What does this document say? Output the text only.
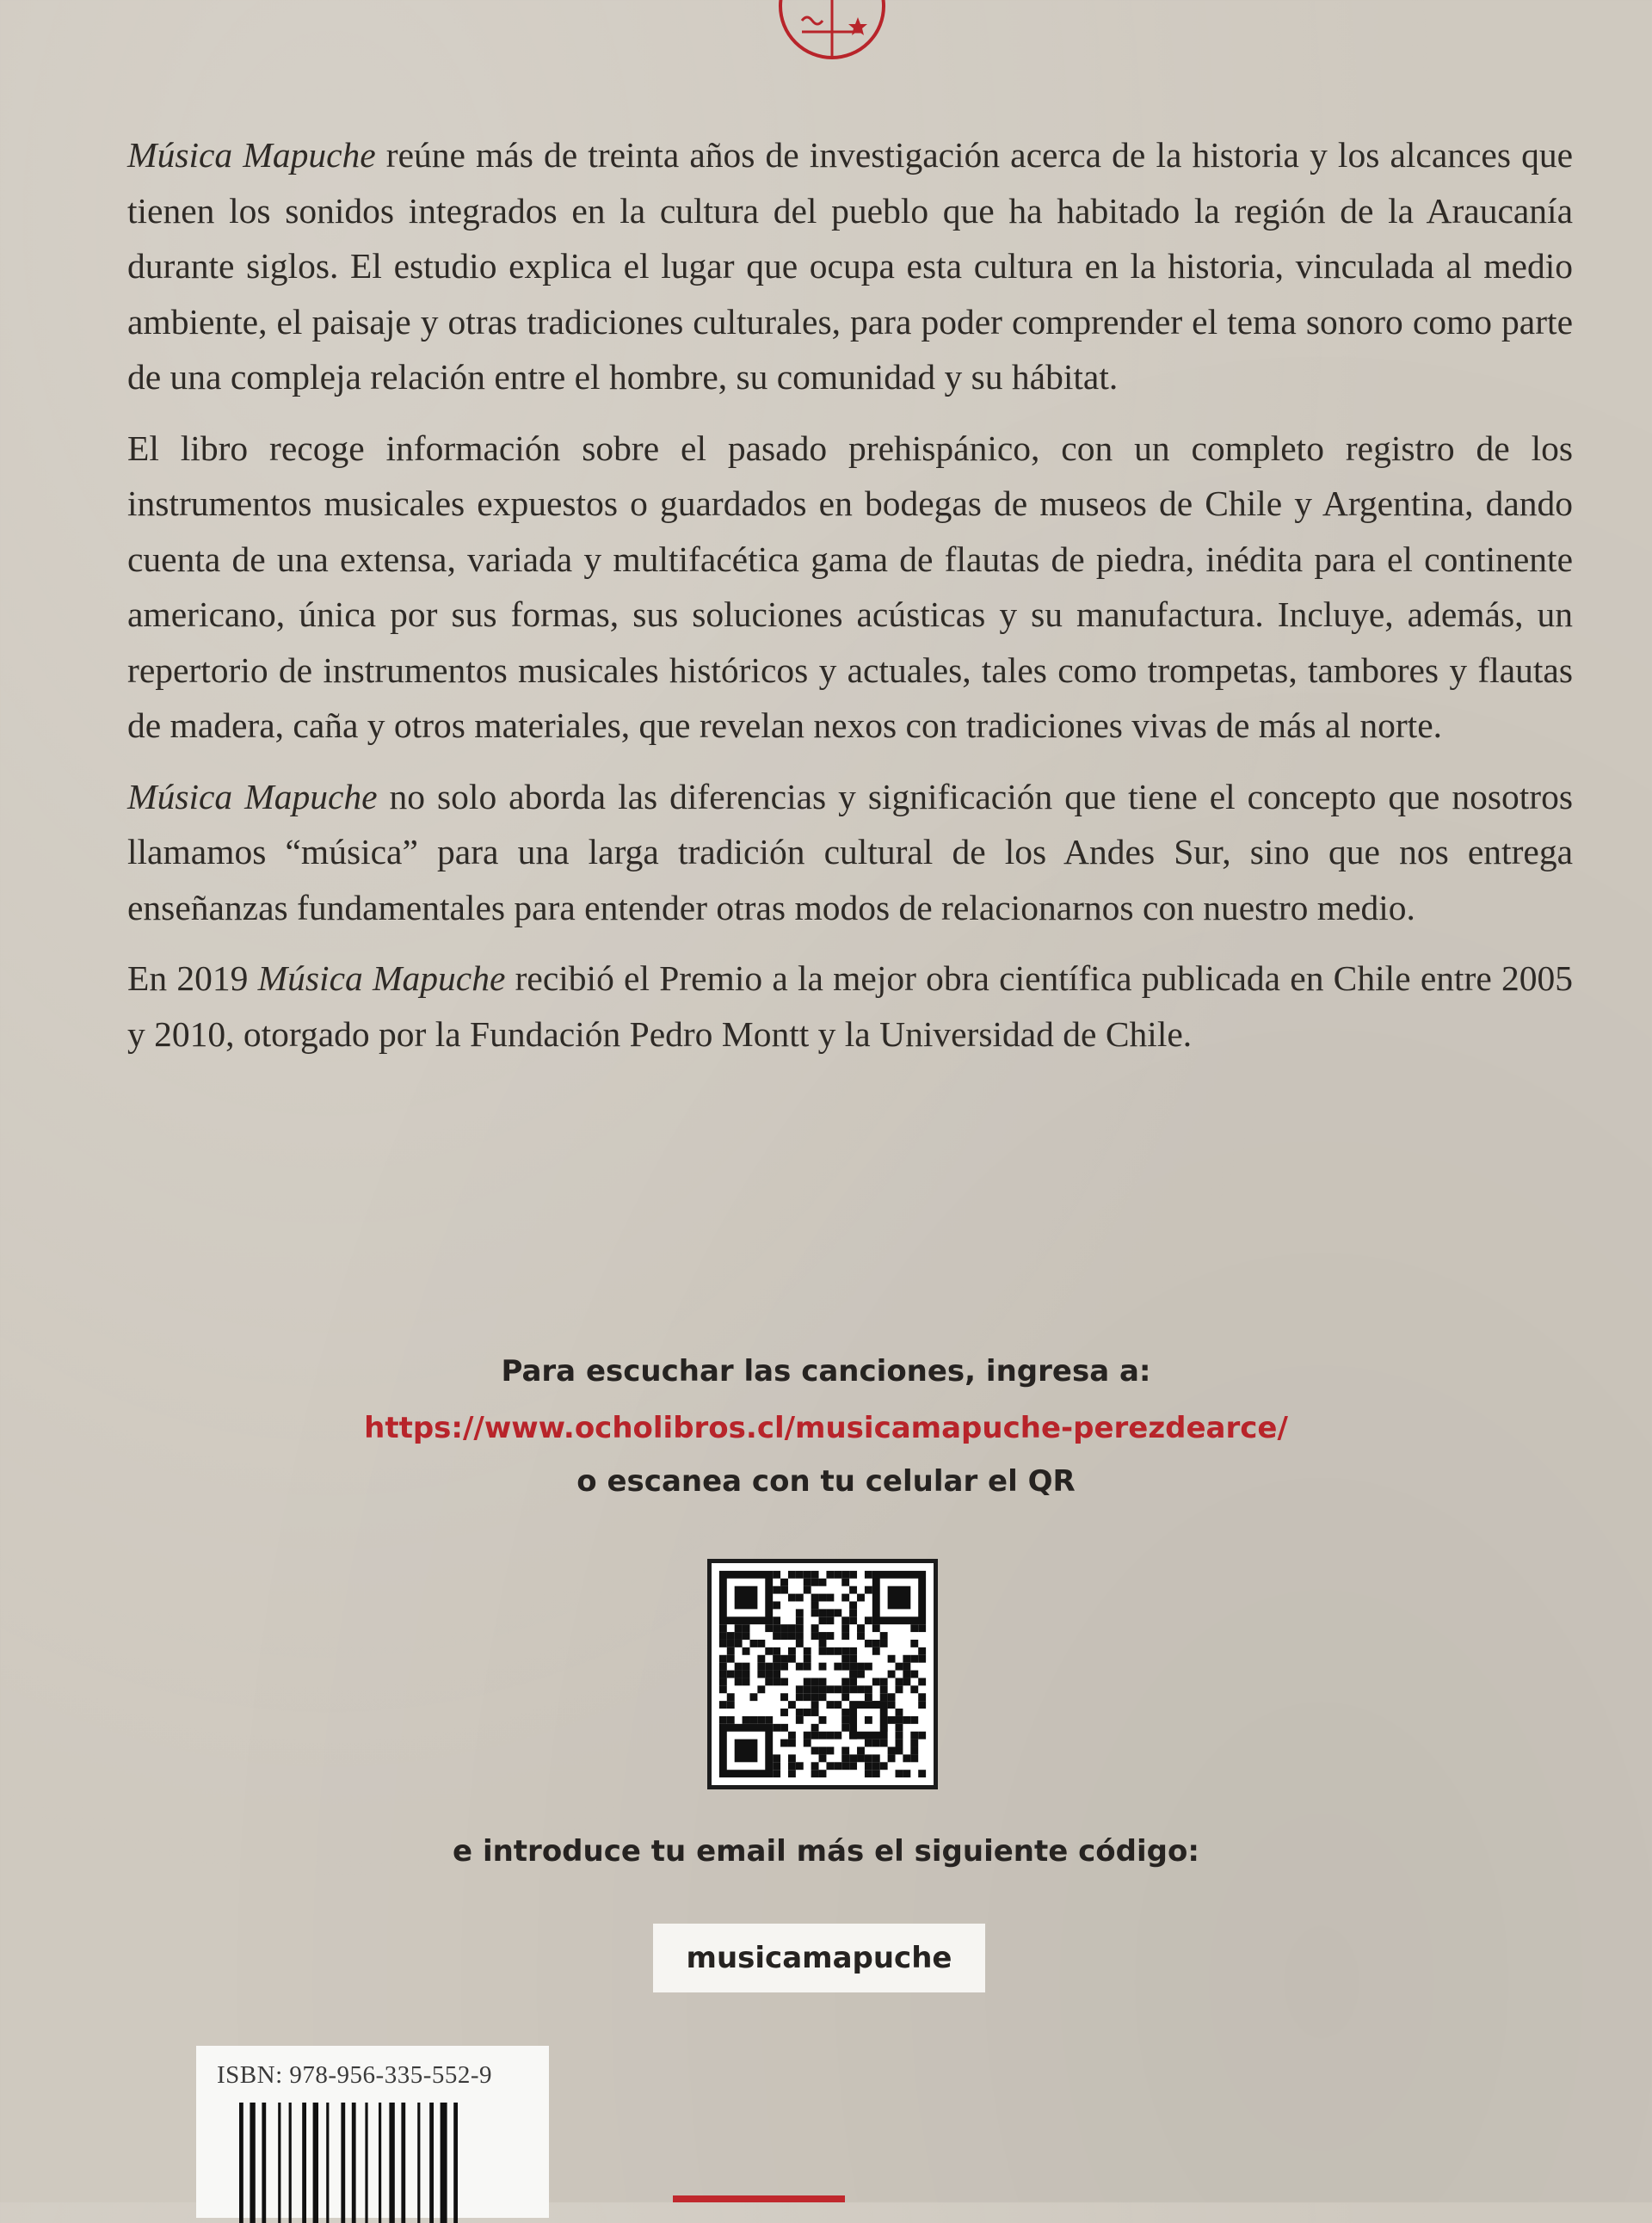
Música Mapuche reúne más de treinta años de investigación acerca de la historia y los alcances que tienen los sonidos integrados en la cultura del pueblo que ha habitado la región de la Araucanía durante siglos. El estudio explica el lugar que ocupa esta cultura en la historia, vinculada al medio ambiente, el paisaje y otras tradiciones culturales, para poder comprender el tema sonoro como parte de una compleja relación entre el hombre, su comunidad y su hábitat.

El libro recoge información sobre el pasado prehispánico, con un completo registro de los instrumentos musicales expuestos o guardados en bodegas de museos de Chile y Argentina, dando cuenta de una extensa, variada y multifacética gama de flautas de piedra, inédita para el continente americano, única por sus formas, sus soluciones acústicas y su manufactura. Incluye, además, un repertorio de instrumentos musicales históricos y actuales, tales como trompetas, tambores y flautas de madera, caña y otros materiales, que revelan nexos con tradiciones vivas de más al norte.

Música Mapuche no solo aborda las diferencias y significación que tiene el concepto que nosotros llamamos “música” para una larga tradición cultural de los Andes Sur, sino que nos entrega enseñanzas fundamentales para entender otras modos de relacionarnos con nuestro medio.

En 2019 Música Mapuche recibió el Premio a la mejor obra científica publicada en Chile entre 2005 y 2010, otorgado por la Fundación Pedro Montt y la Universidad de Chile.

Para escuchar las canciones, ingresa a:
https://www.ocholibros.cl/musicamapuche-perezdearce/
o escanea con tu celular el QR
e introduce tu email más el siguiente código:
musicamapuche
ISBN: 978-956-335-552-9
